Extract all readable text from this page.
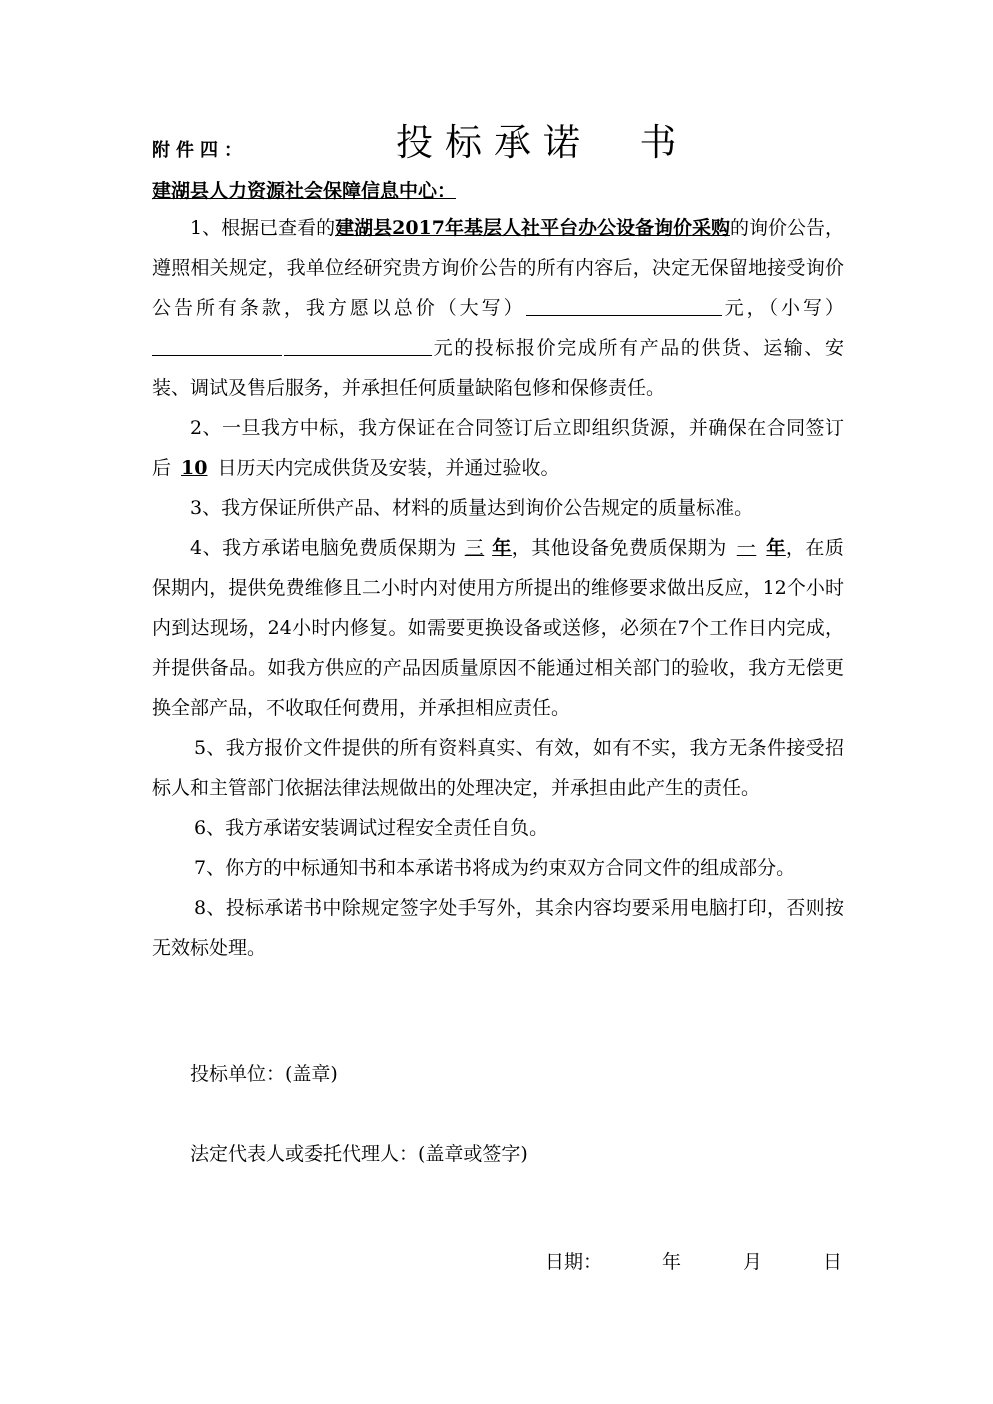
附件四：	投标承诺  书
建湖县人力资源社会保障信息中心：

1、根据已查看的建湖县2017年基层人社平台办公设备询价采购的询价公告，遵照相关规定，我单位经研究贵方询价公告的所有内容后，决定无保留地接受询价公告所有条款，我方愿以总价（大写）	元，（小写）元的投标报价完成所有产品的供货、运输、安装、调试及售后服务，并承担任何质量缺陷包修和保修责任。

2、一旦我方中标，我方保证在合同签订后立即组织货源，并确保在合同签订后 10 日历天内完成供货及安装，并通过验收。

3、我方保证所供产品、材料的质量达到询价公告规定的质量标准。

4、我方承诺电脑免费质保期为 三 年，其他设备免费质保期为 一 年，在质保期内，提供免费维修且二小时内对使用方所提出的维修要求做出反应，12个小时内到达现场，24小时内修复。如需要更换设备或送修，必须在7个工作日内完成，并提供备品。如我方供应的产品因质量原因不能通过相关部门的验收，我方无偿更换全部产品，不收取任何费用，并承担相应责任。

5、我方报价文件提供的所有资料真实、有效，如有不实，我方无条件接受招标人和主管部门依据法律法规做出的处理决定，并承担由此产生的责任。

6、我方承诺安装调试过程安全责任自负。

7、你方的中标通知书和本承诺书将成为约束双方合同文件的组成部分。

8、投标承诺书中除规定签字处手写外，其余内容均要采用电脑打印，否则按无效标处理。

投标单位：(盖章)
法定代表人或委托代理人：(盖章或签字)
日期：	年	月	日
